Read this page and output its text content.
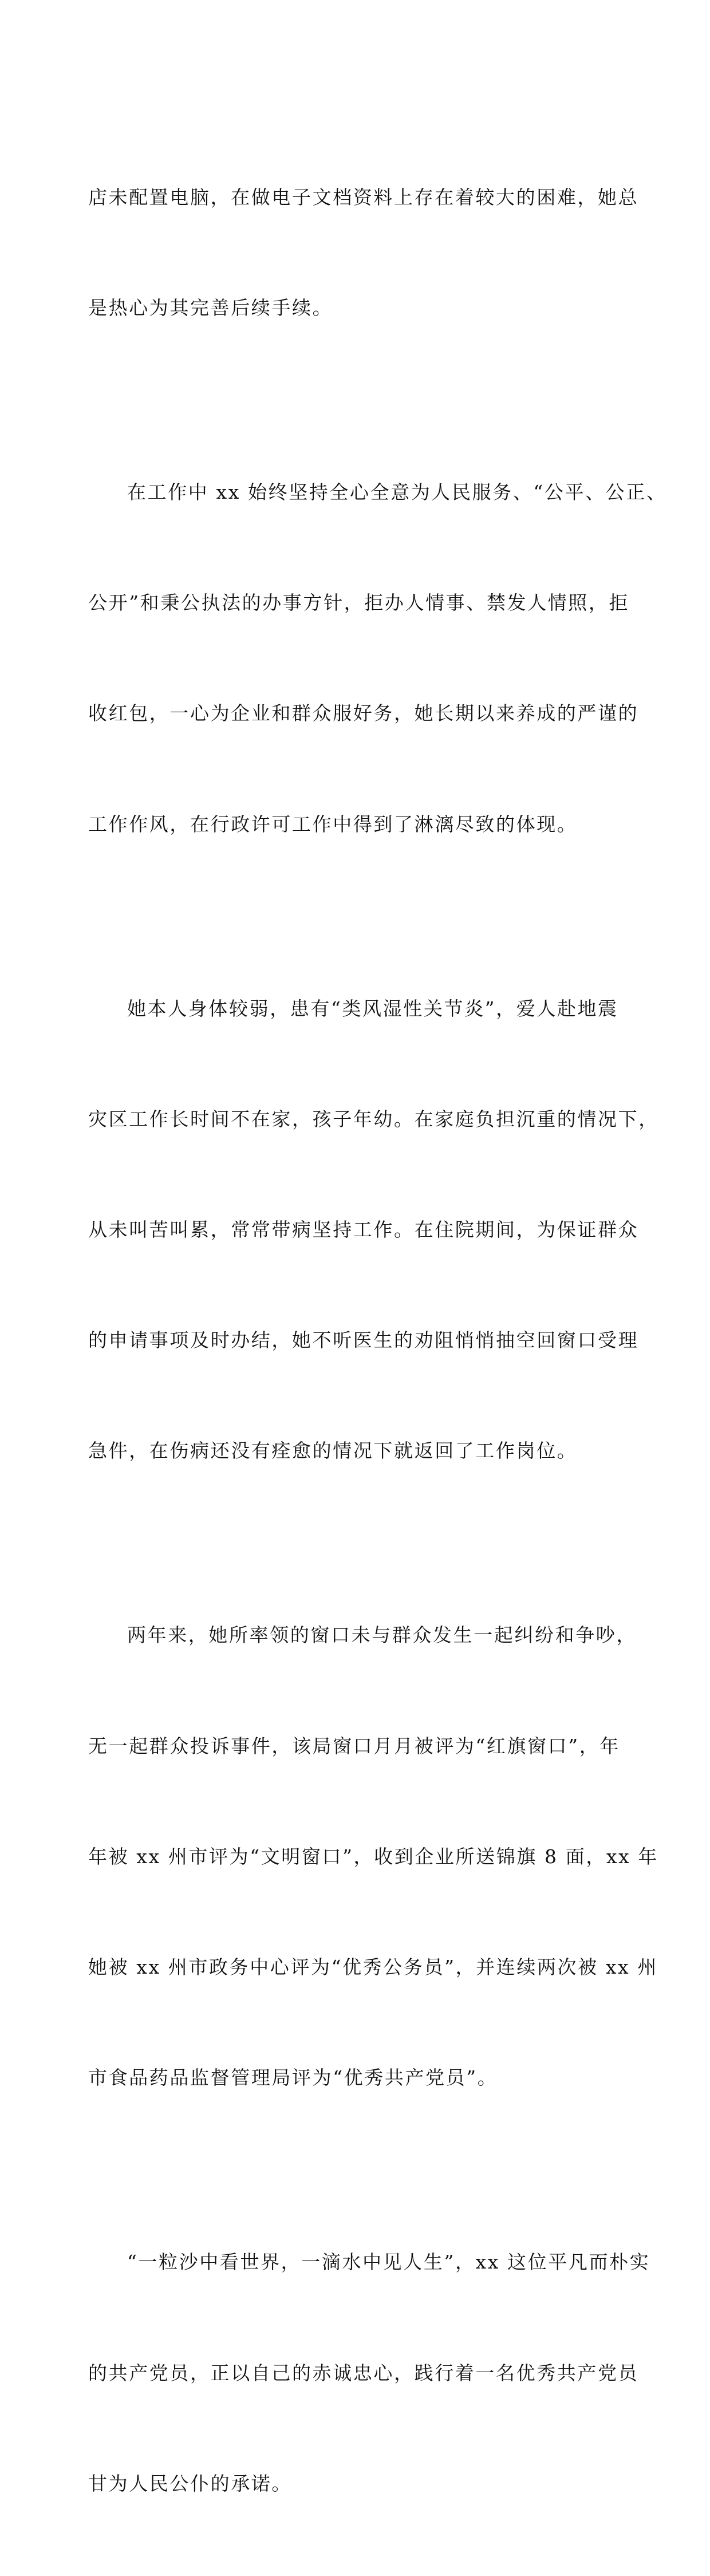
店未配置电脑，在做电子文档资料上存在着较大的困难，她总

是热心为其完善后续手续。

在工作中 xx 始终坚持全心全意为人民服务、“公平、公正、

公开”和秉公执法的办事方针，拒办人情事、禁发人情照，拒

收红包，一心为企业和群众服好务，她长期以来养成的严谨的

工作作风，在行政许可工作中得到了淋漓尽致的体现。

她本人身体较弱，患有“类风湿性关节炎”，爱人赴地震

灾区工作长时间不在家，孩子年幼。在家庭负担沉重的情况下，

从未叫苦叫累，常常带病坚持工作。在住院期间，为保证群众

的申请事项及时办结，她不听医生的劝阻悄悄抽空回窗口受理

急件，在伤病还没有痊愈的情况下就返回了工作岗位。

两年来，她所率领的窗口未与群众发生一起纠纷和争吵，

无一起群众投诉事件，该局窗口月月被评为“红旗窗口”，年

年被 xx 州市评为“文明窗口”，收到企业所送锦旗 8 面，xx 年

她被 xx 州市政务中心评为“优秀公务员”，并连续两次被 xx 州

市食品药品监督管理局评为“优秀共产党员”。

“一粒沙中看世界，一滴水中见人生”，xx 这位平凡而朴实

的共产党员，正以自己的赤诚忠心，践行着一名优秀共产党员

甘为人民公仆的承诺。
